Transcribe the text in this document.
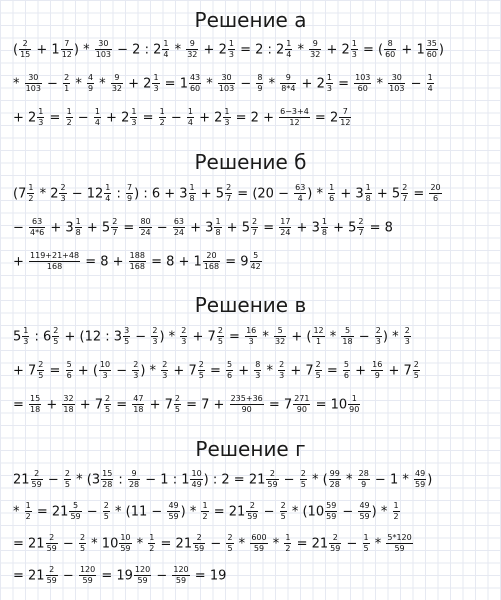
Решение а
( $\frac{2}{15} + 1 \frac{7}{12}$ ) * $\frac{30}{103} - 2$ : $2 \frac{1}{4} * \frac{9}{32} + 2 \frac{1}{3} = 2$ : $2 \frac{1}{4} * \frac{9}{32} + 2 \frac{1}{3}$ = ( $\frac{8}{60} + 1 \frac{35}{60}$ )
* $\frac{30}{103} - \frac{2}{1} * \frac{4}{9} * \frac{9}{32} + 2 \frac{1}{3} = 1 \frac{43}{60} * \frac{30}{103} - \frac{8}{9} * \frac{9}{8*4} + 2 \frac{1}{3} = \frac{103}{60} * \frac{30}{103} - \frac{1}{4}$
+ $2 \frac{1}{3} = \frac{1}{2} - \frac{1}{4} + 2 \frac{1}{3} = \frac{1}{2} - \frac{1}{4} + 2 \frac{1}{3} = 2 + \frac{6-3+4}{12} = 2 \frac{7}{12}$
Решение б
($7 \frac{1}{2} * 2 \frac{2}{3} - 12 \frac{1}{4}$ : $\frac{7}{9}$ ) : $6 + 3 \frac{1}{8} + 5 \frac{2}{7} = (20 - \frac{63}{4}$ ) * $\frac{1}{6} + 3 \frac{1}{8} + 5 \frac{2}{7} = \frac{20}{6}$
− $\frac{63}{4*6} + 3 \frac{1}{8} + 5 \frac{2}{7} = \frac{80}{24} - \frac{63}{24} + 3 \frac{1}{8} + 5 \frac{2}{7} = \frac{17}{24} + 3 \frac{1}{8} + 5 \frac{2}{7} = 8$
+ $\frac{119+21+48}{168} = 8 + \frac{188}{168} = 8 + 1 \frac{20}{168} = 9 \frac{5}{42}$
Решение в
$5 \frac{1}{3}$ : $6 \frac{2}{5} + (12$ : $3 \frac{3}{5} - \frac{2}{3}$ ) * $\frac{2}{3} + 7 \frac{2}{5} = \frac{16}{3} * \frac{5}{32}$ + ( $\frac{12}{1} * \frac{5}{18} - \frac{2}{3}$ ) * $\frac{2}{3}$
+ $7 \frac{2}{5} = \frac{5}{6}$ + ( $\frac{10}{3} - \frac{2}{3}$ ) * $\frac{2}{3} + 7 \frac{2}{5} = \frac{5}{6} + \frac{8}{3} * \frac{2}{3} + 7 \frac{2}{5} = \frac{5}{6} + \frac{16}{9} + 7 \frac{2}{5}$
= $\frac{15}{18} + \frac{32}{18} + 7 \frac{2}{5} = \frac{47}{18} + 7 \frac{2}{5} = 7 + \frac{235+36}{90} = 7 \frac{271}{90} = 10 \frac{1}{90}$
Решение г
$21 \frac{2}{59} - \frac{2}{5} * (3 \frac{15}{28}$ : $\frac{9}{28} - 1$ : $1 \frac{10}{49}$ ) : $2 = 21 \frac{2}{59} - \frac{2}{5}$ * ( $\frac{99}{28} * \frac{28}{9} - 1 * \frac{49}{59}$ )
* $\frac{1}{2} = 21 \frac{5}{59} - \frac{2}{5} * (11 - \frac{49}{59}$ ) * $\frac{1}{2} = 21 \frac{2}{59} - \frac{2}{5} * (10 \frac{59}{59} - \frac{49}{59}$ ) * $\frac{1}{2}$
= $21 \frac{2}{59} - \frac{2}{5} * 10 \frac{10}{59} * \frac{1}{2} = 21 \frac{2}{59} - \frac{2}{5} * \frac{600}{59} * \frac{1}{2} = 21 \frac{2}{59} - \frac{1}{5} * \frac{5*120}{59}$
= $21 \frac{2}{59} - \frac{120}{59} = 19 \frac{120}{59} - \frac{120}{59} = 19$
